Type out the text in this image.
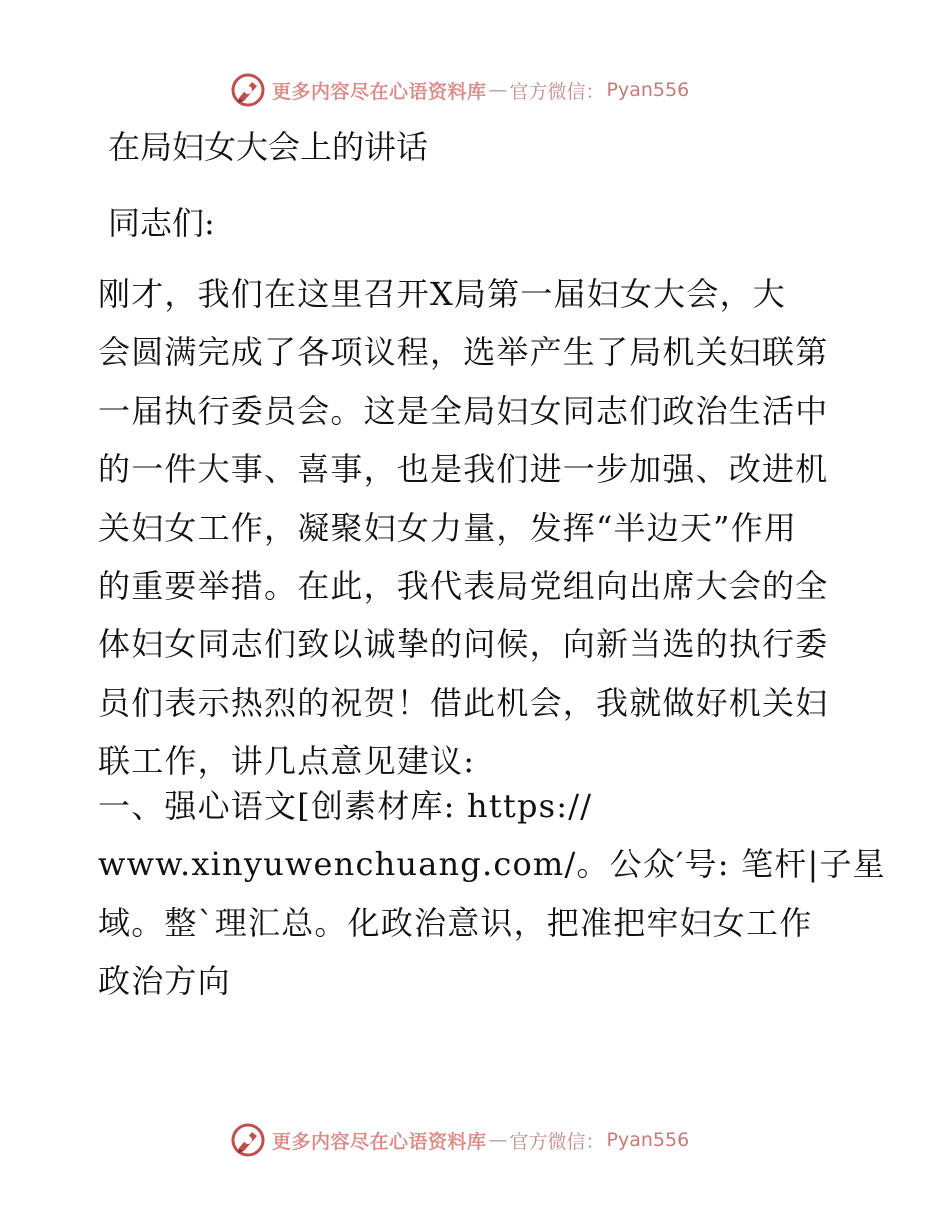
更多内容尽在心语资料库 — 官方微信： Pyan556
在局妇女大会上的讲话

同志们:

刚才，我们在这里召开X局第一届妇女大会，大
会圆满完成了各项议程，选举产生了局机关妇联第
一届执行委员会。这是全局妇女同志们政治生活中
的一件大事、喜事，也是我们进一步加强、改进机
关妇女工作，凝聚妇女力量，发挥“半边天”作用
的重要举措。在此，我代表局党组向出席大会的全
体妇女同志们致以诚挚的问候，向新当选的执行委
员们表示热烈的祝贺！借此机会，我就做好机关妇
联工作，讲几点意见建议:

一、强心语文[创素材库: https://
www.xinyuwenchuang.com/。公众′号: 笔杆|子星
域。整`理汇总。化政治意识，把准把牢妇女工作
政治方向

更多内容尽在心语资料库 — 官方微信： Pyan556
